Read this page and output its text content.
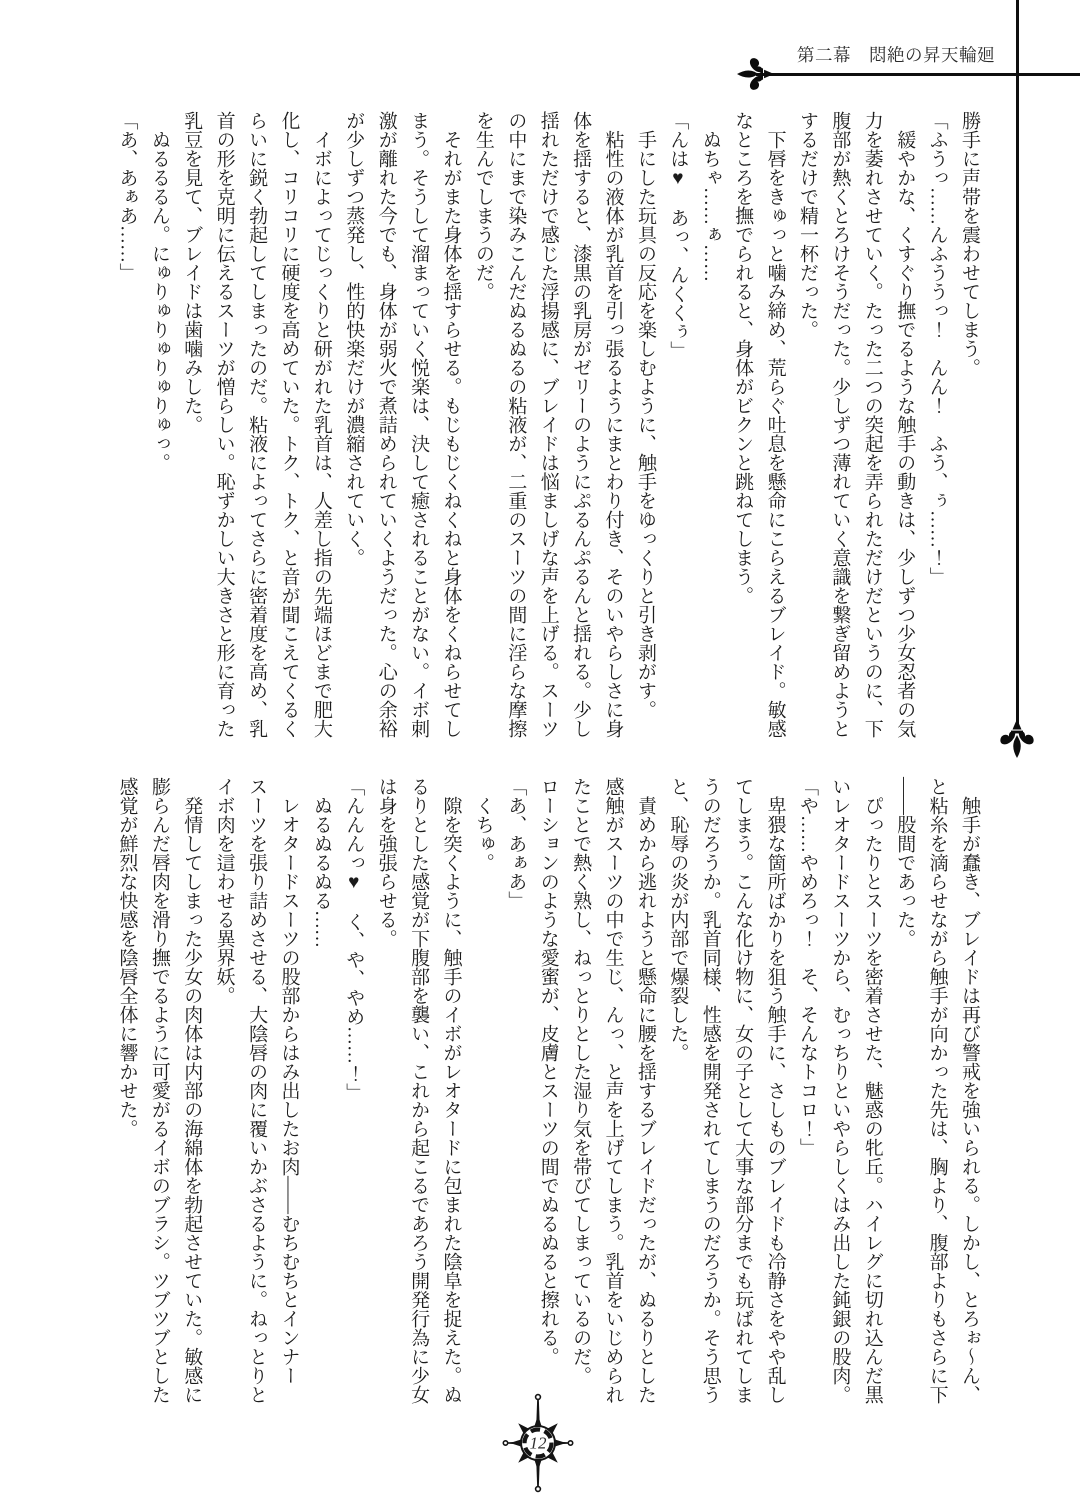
第二幕　悶絶の昇天輪廻

勝手に声帯を震わせてしまう。

「ふうっ……んふううっ！　んん！　ふう、ぅ……！」

緩やかな、くすぐり撫でるような触手の動きは、少しずつ少女忍者の気力を萎れさせていく。たった二つの突起を弄られただけだというのに、下腹部が熱くとろけそうだった。少しずつ薄れていく意識を繋ぎ留めようとするだけで精一杯だった。

下唇をきゅっと噛み締め、荒らぐ吐息を懸命にこらえるブレイド。敏感なところを撫でられると、身体がビクンと跳ねてしまう。

ぬちゃ……ぁ……

「んは♥　あっ、んくくぅ」

手にした玩具の反応を楽しむように、触手をゆっくりと引き剥がす。

粘性の液体が乳首を引っ張るようにまとわり付き、そのいやらしさに身体を揺すると、漆黒の乳房がゼリーのようにぷるんぷるんと揺れる。少し揺れただけで感じた浮揚感に、ブレイドは悩ましげな声を上げる。スーツの中にまで染みこんだぬるぬるの粘液が、二重のスーツの間に淫らな摩擦を生んでしまうのだ。

それがまた身体を揺すらせる。もじもじくねくねと身体をくねらせてしまう。そうして溜まっていく悦楽は、決して癒されることがない。イボ刺激が離れた今でも、身体が弱火で煮詰められていくようだった。心の余裕が少しずつ蒸発し、性的快楽だけが濃縮されていく。

イボによってじっくりと研がれた乳首は、人差し指の先端ほどまで肥大化し、コリコリに硬度を高めていた。トク、トク、と音が聞こえてくるくらいに鋭く勃起してしまったのだ。粘液によってさらに密着度を高め、乳首の形を克明に伝えるスーツが憎らしい。恥ずかしい大きさと形に育った乳豆を見て、ブレイドは歯噛みした。

ぬるるるん。にゅりゅりゅりゅりゅっ。

「あ、あぁあ……」

触手が蠢き、ブレイドは再び警戒を強いられる。しかし、とろぉ〜ん、と粘糸を滴らせながら触手が向かった先は、胸より、腹部よりもさらに下――股間であった。

ぴったりとスーツを密着させた、魅惑の牝丘。ハイレグに切れ込んだ黒いレオタードスーツから、むっちりといやらしくはみ出した鈍銀の股肉。

「や……やめろっ！　そ、そんなトコロ！」

卑猥な箇所ばかりを狙う触手に、さしものブレイドも冷静さをやや乱してしまう。こんな化け物に、女の子として大事な部分までも玩ばれてしまうのだろうか。乳首同様、性感を開発されてしまうのだろうか。そう思うと、恥辱の炎が内部で爆裂した。

責めから逃れようと懸命に腰を揺するブレイドだったが、ぬるりとした感触がスーツの中で生じ、んっ、と声を上げてしまう。乳首をいじめられたことで熱く熟し、ねっとりとした湿り気を帯びてしまっているのだ。ローションのような愛蜜が、皮膚とスーツの間でぬるぬると擦れる。

「あ、あぁあ」

くちゅ。

隙を突くように、触手のイボがレオタードに包まれた陰阜を捉えた。ぬるりとした感覚が下腹部を襲い、これから起こるであろう開発行為に少女は身を強張らせる。

「んんんっ♥　く、や、やめ……！」

ぬるぬるぬる……

レオタードスーツの股部からはみ出したお肉――むちむちとインナースーツを張り詰めさせる、大陰唇の肉に覆いかぶさるように。ねっとりとイボ肉を這わせる異界妖。

発情してしまった少女の肉体は内部の海綿体を勃起させていた。敏感に膨らんだ唇肉を滑り撫でるように可愛がるイボのブラシ。ツブツブとした感覚が鮮烈な快感を陰唇全体に響かせた。

12
